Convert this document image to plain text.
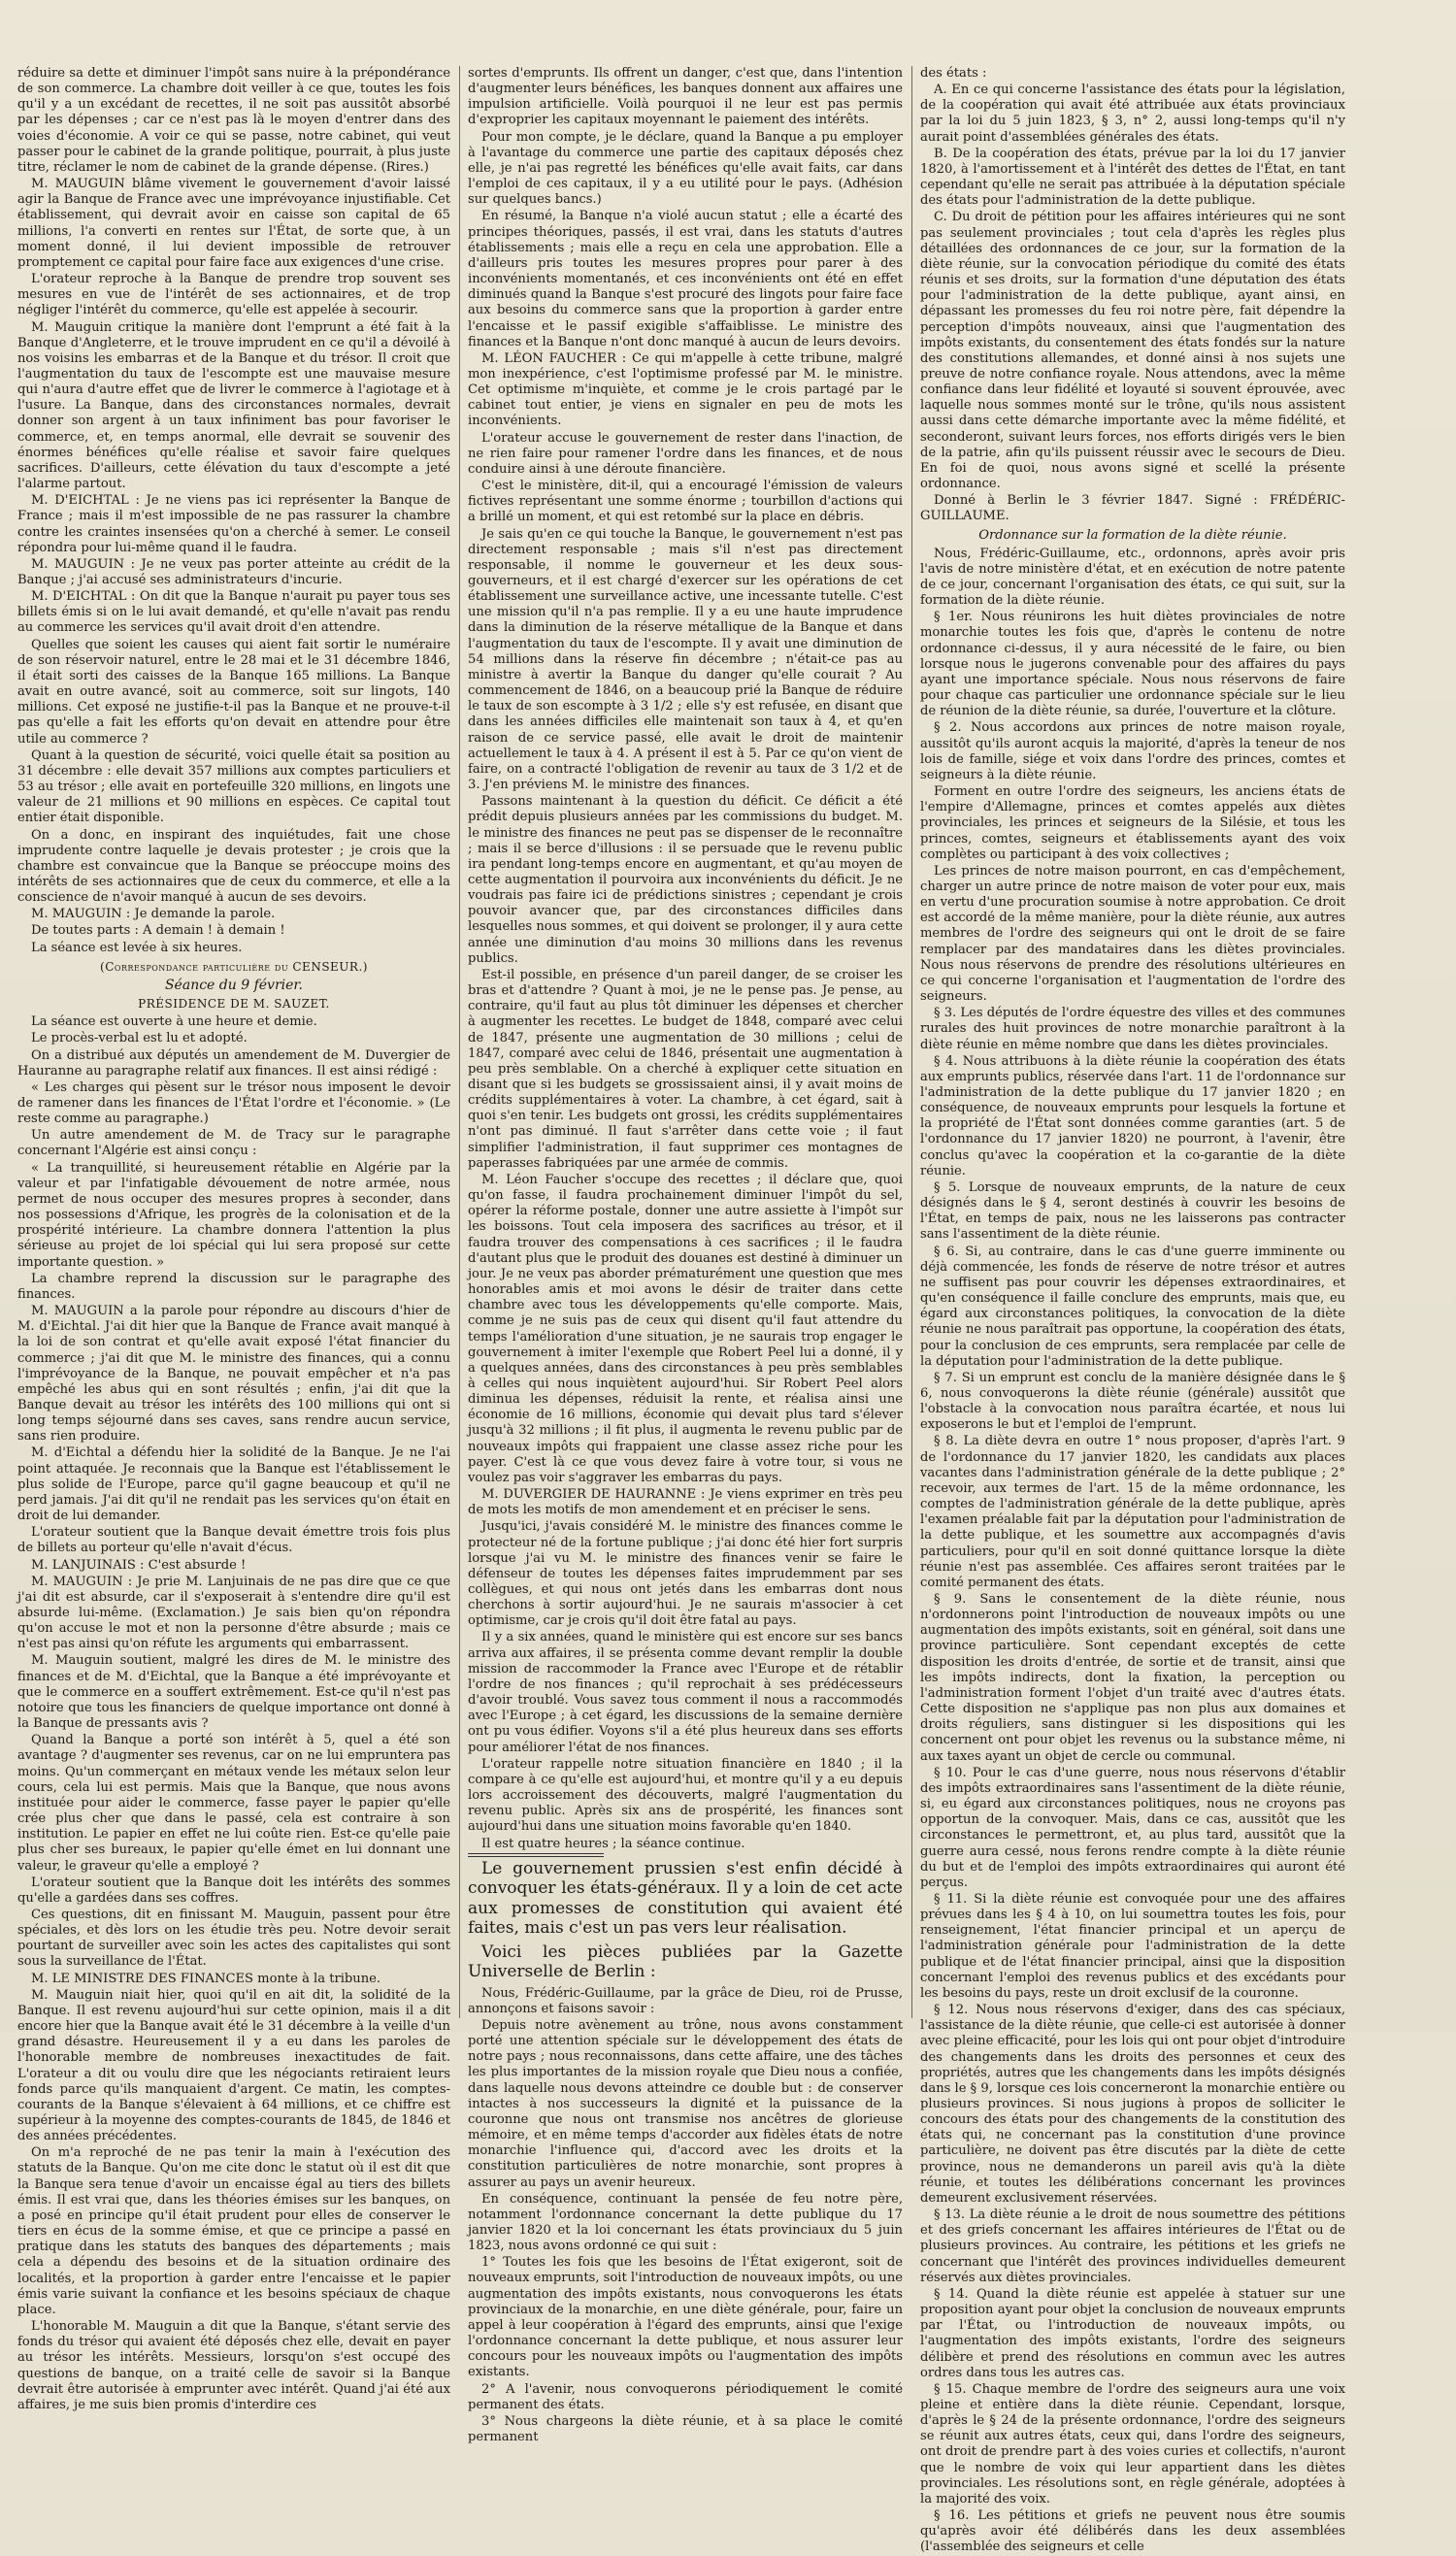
réduire sa dette et diminuer l'impôt sans nuire à la prépondérance de son commerce. La chambre doit veiller à ce que, toutes les fois qu'il y a un excédant de recettes, il ne soit pas aussitôt absorbé par les dépenses ; car ce n'est pas là le moyen d'entrer dans des voies d'économie. A voir ce qui se passe, notre cabinet, qui veut passer pour le cabinet de la grande politique, pourrait, à plus juste titre, réclamer le nom de cabinet de la grande dépense. (Rires.)

M. MAUGUIN blâme vivement le gouvernement d'avoir laissé agir la Banque de France avec une imprévoyance injustifiable. Cet établissement, qui devrait avoir en caisse son capital de 65 millions, l'a converti en rentes sur l'État, de sorte que, à un moment donné, il lui devient impossible de retrouver promptement ce capital pour faire face aux exigences d'une crise.

L'orateur reproche à la Banque de prendre trop souvent ses mesures en vue de l'intérêt de ses actionnaires, et de trop négliger l'intérêt du commerce, qu'elle est appelée à secourir.

M. Mauguin critique la manière dont l'emprunt a été fait à la Banque d'Angleterre, et le trouve imprudent en ce qu'il a dévoilé à nos voisins les embarras et de la Banque et du trésor. Il croit que l'augmentation du taux de l'escompte est une mauvaise mesure qui n'aura d'autre effet que de livrer le commerce à l'agiotage et à l'usure. La Banque, dans des circonstances normales, devrait donner son argent à un taux infiniment bas pour favoriser le commerce, et, en temps anormal, elle devrait se souvenir des énormes bénéfices qu'elle réalise et savoir faire quelques sacrifices. D'ailleurs, cette élévation du taux d'escompte a jeté l'alarme partout.

M. D'EICHTAL : Je ne viens pas ici représenter la Banque de France ; mais il m'est impossible de ne pas rassurer la chambre contre les craintes insensées qu'on a cherché à semer. Le conseil répondra pour lui-même quand il le faudra.

M. MAUGUIN : Je ne veux pas porter atteinte au crédit de la Banque ; j'ai accusé ses administrateurs d'incurie.

M. D'EICHTAL : On dit que la Banque n'aurait pu payer tous ses billets émis si on le lui avait demandé, et qu'elle n'avait pas rendu au commerce les services qu'il avait droit d'en attendre.

Quelles que soient les causes qui aient fait sortir le numéraire de son réservoir naturel, entre le 28 mai et le 31 décembre 1846, il était sorti des caisses de la Banque 165 millions. La Banque avait en outre avancé, soit au commerce, soit sur lingots, 140 millions. Cet exposé ne justifie-t-il pas la Banque et ne prouve-t-il pas qu'elle a fait les efforts qu'on devait en attendre pour être utile au commerce ?

Quant à la question de sécurité, voici quelle était sa position au 31 décembre : elle devait 357 millions aux comptes particuliers et 53 au trésor ; elle avait en portefeuille 320 millions, en lingots une valeur de 21 millions et 90 millions en espèces. Ce capital tout entier était disponible.

On a donc, en inspirant des inquiétudes, fait une chose imprudente contre laquelle je devais protester ; je crois que la chambre est convaincue que la Banque se préoccupe moins des intérêts de ses actionnaires que de ceux du commerce, et elle a la conscience de n'avoir manqué à aucun de ses devoirs.

M. MAUGUIN : Je demande la parole.

De toutes parts : A demain ! à demain !

La séance est levée à six heures.

(Correspondance particulière du CENSEUR.)

Séance du 9 février.

PRÉSIDENCE DE M. SAUZET.

La séance est ouverte à une heure et demie.

Le procès-verbal est lu et adopté.

On a distribué aux députés un amendement de M. Duvergier de Hauranne au paragraphe relatif aux finances. Il est ainsi rédigé :

« Les charges qui pèsent sur le trésor nous imposent le devoir de ramener dans les finances de l'État l'ordre et l'économie. » (Le reste comme au paragraphe.)

Un autre amendement de M. de Tracy sur le paragraphe concernant l'Algérie est ainsi conçu :

« La tranquillité, si heureusement rétablie en Algérie par la valeur et par l'infatigable dévouement de notre armée, nous permet de nous occuper des mesures propres à seconder, dans nos possessions d'Afrique, les progrès de la colonisation et de la prospérité intérieure. La chambre donnera l'attention la plus sérieuse au projet de loi spécial qui lui sera proposé sur cette importante question. »

La chambre reprend la discussion sur le paragraphe des finances.

M. MAUGUIN a la parole pour répondre au discours d'hier de M. d'Eichtal. J'ai dit hier que la Banque de France avait manqué à la loi de son contrat et qu'elle avait exposé l'état financier du commerce ; j'ai dit que M. le ministre des finances, qui a connu l'imprévoyance de la Banque, ne pouvait empêcher et n'a pas empêché les abus qui en sont résultés ; enfin, j'ai dit que la Banque devait au trésor les intérêts des 100 millions qui ont si long temps séjourné dans ses caves, sans rendre aucun service, sans rien produire.

M. d'Eichtal a défendu hier la solidité de la Banque. Je ne l'ai point attaquée. Je reconnais que la Banque est l'établissement le plus solide de l'Europe, parce qu'il gagne beaucoup et qu'il ne perd jamais. J'ai dit qu'il ne rendait pas les services qu'on était en droit de lui demander.

L'orateur soutient que la Banque devait émettre trois fois plus de billets au porteur qu'elle n'avait d'écus.

M. LANJUINAIS : C'est absurde !

M. MAUGUIN : Je prie M. Lanjuinais de ne pas dire que ce que j'ai dit est absurde, car il s'exposerait à s'entendre dire qu'il est absurde lui-même. (Exclamation.) Je sais bien qu'on répondra qu'on accuse le mot et non la personne d'être absurde ; mais ce n'est pas ainsi qu'on réfute les arguments qui embarrassent.

M. Mauguin soutient, malgré les dires de M. le ministre des finances et de M. d'Eichtal, que la Banque a été imprévoyante et que le commerce en a souffert extrêmement. Est-ce qu'il n'est pas notoire que tous les financiers de quelque importance ont donné à la Banque de pressants avis ?

Quand la Banque a porté son intérêt à 5, quel a été son avantage ? d'augmenter ses revenus, car on ne lui empruntera pas moins. Qu'un commerçant en métaux vende les métaux selon leur cours, cela lui est permis. Mais que la Banque, que nous avons instituée pour aider le commerce, fasse payer le papier qu'elle crée plus cher que dans le passé, cela est contraire à son institution. Le papier en effet ne lui coûte rien. Est-ce qu'elle paie plus cher ses bureaux, le papier qu'elle émet en lui donnant une valeur, le graveur qu'elle a employé ?

L'orateur soutient que la Banque doit les intérêts des sommes qu'elle a gardées dans ses coffres.

Ces questions, dit en finissant M. Mauguin, passent pour être spéciales, et dès lors on les étudie très peu. Notre devoir serait pourtant de surveiller avec soin les actes des capitalistes qui sont sous la surveillance de l'État.

M. LE MINISTRE DES FINANCES monte à la tribune.

M. Mauguin niait hier, quoi qu'il en ait dit, la solidité de la Banque. Il est revenu aujourd'hui sur cette opinion, mais il a dit encore hier que la Banque avait été le 31 décembre à la veille d'un grand désastre. Heureusement il y a eu dans les paroles de l'honorable membre de nombreuses inexactitudes de fait. L'orateur a dit ou voulu dire que les négociants retiraient leurs fonds parce qu'ils manquaient d'argent. Ce matin, les comptes-courants de la Banque s'élevaient à 64 millions, et ce chiffre est supérieur à la moyenne des comptes-courants de 1845, de 1846 et des années précédentes.

On m'a reproché de ne pas tenir la main à l'exécution des statuts de la Banque. Qu'on me cite donc le statut où il est dit que la Banque sera tenue d'avoir un encaisse égal au tiers des billets émis. Il est vrai que, dans les théories émises sur les banques, on a posé en principe qu'il était prudent pour elles de conserver le tiers en écus de la somme émise, et que ce principe a passé en pratique dans les statuts des banques des départements ; mais cela a dépendu des besoins et de la situation ordinaire des localités, et la proportion à garder entre l'encaisse et le papier émis varie suivant la confiance et les besoins spéciaux de chaque place.

L'honorable M. Mauguin a dit que la Banque, s'étant servie des fonds du trésor qui avaient été déposés chez elle, devait en payer au trésor les intérêts. Messieurs, lorsqu'on s'est occupé des questions de banque, on a traité celle de savoir si la Banque devrait être autorisée à emprunter avec intérêt. Quand j'ai été aux affaires, je me suis bien promis d'interdire ces

sortes d'emprunts. Ils offrent un danger, c'est que, dans l'intention d'augmenter leurs bénéfices, les banques donnent aux affaires une impulsion artificielle. Voilà pourquoi il ne leur est pas permis d'exproprier les capitaux moyennant le paiement des intérêts.

Pour mon compte, je le déclare, quand la Banque a pu employer à l'avantage du commerce une partie des capitaux déposés chez elle, je n'ai pas regretté les bénéfices qu'elle avait faits, car dans l'emploi de ces capitaux, il y a eu utilité pour le pays. (Adhésion sur quelques bancs.)

En résumé, la Banque n'a violé aucun statut ; elle a écarté des principes théoriques, passés, il est vrai, dans les statuts d'autres établissements ; mais elle a reçu en cela une approbation. Elle a d'ailleurs pris toutes les mesures propres pour parer à des inconvénients momentanés, et ces inconvénients ont été en effet diminués quand la Banque s'est procuré des lingots pour faire face aux besoins du commerce sans que la proportion à garder entre l'encaisse et le passif exigible s'affaiblisse. Le ministre des finances et la Banque n'ont donc manqué à aucun de leurs devoirs.

M. LÉON FAUCHER : Ce qui m'appelle à cette tribune, malgré mon inexpérience, c'est l'optimisme professé par M. le ministre. Cet optimisme m'inquiète, et comme je le crois partagé par le cabinet tout entier, je viens en signaler en peu de mots les inconvénients.

L'orateur accuse le gouvernement de rester dans l'inaction, de ne rien faire pour ramener l'ordre dans les finances, et de nous conduire ainsi à une déroute financière.

C'est le ministère, dit-il, qui a encouragé l'émission de valeurs fictives représentant une somme énorme ; tourbillon d'actions qui a brillé un moment, et qui est retombé sur la place en débris.

Je sais qu'en ce qui touche la Banque, le gouvernement n'est pas directement responsable ; mais s'il n'est pas directement responsable, il nomme le gouverneur et les deux sous-gouverneurs, et il est chargé d'exercer sur les opérations de cet établissement une surveillance active, une incessante tutelle. C'est une mission qu'il n'a pas remplie. Il y a eu une haute imprudence dans la diminution de la réserve métallique de la Banque et dans l'augmentation du taux de l'escompte. Il y avait une diminution de 54 millions dans la réserve fin décembre ; n'était-ce pas au ministre à avertir la Banque du danger qu'elle courait ? Au commencement de 1846, on a beaucoup prié la Banque de réduire le taux de son escompte à 3 1/2 ; elle s'y est refusée, en disant que dans les années difficiles elle maintenait son taux à 4, et qu'en raison de ce service passé, elle avait le droit de maintenir actuellement le taux à 4. A présent il est à 5. Par ce qu'on vient de faire, on a contracté l'obligation de revenir au taux de 3 1/2 et de 3. J'en préviens M. le ministre des finances.

Passons maintenant à la question du déficit. Ce déficit a été prédit depuis plusieurs années par les commissions du budget. M. le ministre des finances ne peut pas se dispenser de le reconnaître ; mais il se berce d'illusions : il se persuade que le revenu public ira pendant long-temps encore en augmentant, et qu'au moyen de cette augmentation il pourvoira aux inconvénients du déficit. Je ne voudrais pas faire ici de prédictions sinistres ; cependant je crois pouvoir avancer que, par des circonstances difficiles dans lesquelles nous sommes, et qui doivent se prolonger, il y aura cette année une diminution d'au moins 30 millions dans les revenus publics.

Est-il possible, en présence d'un pareil danger, de se croiser les bras et d'attendre ? Quant à moi, je ne le pense pas. Je pense, au contraire, qu'il faut au plus tôt diminuer les dépenses et chercher à augmenter les recettes. Le budget de 1848, comparé avec celui de 1847, présente une augmentation de 30 millions ; celui de 1847, comparé avec celui de 1846, présentait une augmentation à peu près semblable. On a cherché à expliquer cette situation en disant que si les budgets se grossissaient ainsi, il y avait moins de crédits supplémentaires à voter. La chambre, à cet égard, sait à quoi s'en tenir. Les budgets ont grossi, les crédits supplémentaires n'ont pas diminué. Il faut s'arrêter dans cette voie ; il faut simplifier l'administration, il faut supprimer ces montagnes de paperasses fabriquées par une armée de commis.

M. Léon Faucher s'occupe des recettes ; il déclare que, quoi qu'on fasse, il faudra prochainement diminuer l'impôt du sel, opérer la réforme postale, donner une autre assiette à l'impôt sur les boissons. Tout cela imposera des sacrifices au trésor, et il faudra trouver des compensations à ces sacrifices ; il le faudra d'autant plus que le produit des douanes est destiné à diminuer un jour. Je ne veux pas aborder prématurément une question que mes honorables amis et moi avons le désir de traiter dans cette chambre avec tous les développements qu'elle comporte. Mais, comme je ne suis pas de ceux qui disent qu'il faut attendre du temps l'amélioration d'une situation, je ne saurais trop engager le gouvernement à imiter l'exemple que Robert Peel lui a donné, il y a quelques années, dans des circonstances à peu près semblables à celles qui nous inquiètent aujourd'hui. Sir Robert Peel alors diminua les dépenses, réduisit la rente, et réalisa ainsi une économie de 16 millions, économie qui devait plus tard s'élever jusqu'à 32 millions ; il fit plus, il augmenta le revenu public par de nouveaux impôts qui frappaient une classe assez riche pour les payer. C'est là ce que vous devez faire à votre tour, si vous ne voulez pas voir s'aggraver les embarras du pays.

M. DUVERGIER DE HAURANNE : Je viens exprimer en très peu de mots les motifs de mon amendement et en préciser le sens.

Jusqu'ici, j'avais considéré M. le ministre des finances comme le protecteur né de la fortune publique ; j'ai donc été hier fort surpris lorsque j'ai vu M. le ministre des finances venir se faire le défenseur de toutes les dépenses faites imprudemment par ses collègues, et qui nous ont jetés dans les embarras dont nous cherchons à sortir aujourd'hui. Je ne saurais m'associer à cet optimisme, car je crois qu'il doit être fatal au pays.

Il y a six années, quand le ministère qui est encore sur ses bancs arriva aux affaires, il se présenta comme devant remplir la double mission de raccommoder la France avec l'Europe et de rétablir l'ordre de nos finances ; qu'il reprochait à ses prédécesseurs d'avoir troublé. Vous savez tous comment il nous a raccommodés avec l'Europe ; à cet égard, les discussions de la semaine dernière ont pu vous édifier. Voyons s'il a été plus heureux dans ses efforts pour améliorer l'état de nos finances.

L'orateur rappelle notre situation financière en 1840 ; il la compare à ce qu'elle est aujourd'hui, et montre qu'il y a eu depuis lors accroissement des découverts, malgré l'augmentation du revenu public. Après six ans de prospérité, les finances sont aujourd'hui dans une situation moins favorable qu'en 1840.

Il est quatre heures ; la séance continue.

Le gouvernement prussien s'est enfin décidé à convoquer les états-généraux. Il y a loin de cet acte aux promesses de constitution qui avaient été faites, mais c'est un pas vers leur réalisation.

Voici les pièces publiées par la Gazette Universelle de Berlin :

Nous, Frédéric-Guillaume, par la grâce de Dieu, roi de Prusse, annonçons et faisons savoir :

Depuis notre avènement au trône, nous avons constamment porté une attention spéciale sur le développement des états de notre pays ; nous reconnaissons, dans cette affaire, une des tâches les plus importantes de la mission royale que Dieu nous a confiée, dans laquelle nous devons atteindre ce double but : de conserver intactes à nos successeurs la dignité et la puissance de la couronne que nous ont transmise nos ancêtres de glorieuse mémoire, et en même temps d'accorder aux fidèles états de notre monarchie l'influence qui, d'accord avec les droits et la constitution particulières de notre monarchie, sont propres à assurer au pays un avenir heureux.

En conséquence, continuant la pensée de feu notre père, notamment l'ordonnance concernant la dette publique du 17 janvier 1820 et la loi concernant les états provinciaux du 5 juin 1823, nous avons ordonné ce qui suit :

1° Toutes les fois que les besoins de l'État exigeront, soit de nouveaux emprunts, soit l'introduction de nouveaux impôts, ou une augmentation des impôts existants, nous convoquerons les états provinciaux de la monarchie, en une diète générale, pour, faire un appel à leur coopération à l'égard des emprunts, ainsi que l'exige l'ordonnance concernant la dette publique, et nous assurer leur concours pour les nouveaux impôts ou l'augmentation des impôts existants.

2° A l'avenir, nous convoquerons périodiquement le comité permanent des états.

3° Nous chargeons la diète réunie, et à sa place le comité permanent

des états :

A. En ce qui concerne l'assistance des états pour la législation, de la coopération qui avait été attribuée aux états provinciaux par la loi du 5 juin 1823, § 3, n° 2, aussi long-temps qu'il n'y aurait point d'assemblées générales des états.

B. De la coopération des états, prévue par la loi du 17 janvier 1820, à l'amortissement et à l'intérêt des dettes de l'État, en tant cependant qu'elle ne serait pas attribuée à la députation spéciale des états pour l'administration de la dette publique.

C. Du droit de pétition pour les affaires intérieures qui ne sont pas seulement provinciales ; tout cela d'après les règles plus détaillées des ordonnances de ce jour, sur la formation de la diète réunie, sur la convocation périodique du comité des états réunis et ses droits, sur la formation d'une députation des états pour l'administration de la dette publique, ayant ainsi, en dépassant les promesses du feu roi notre père, fait dépendre la perception d'impôts nouveaux, ainsi que l'augmentation des impôts existants, du consentement des états fondés sur la nature des constitutions allemandes, et donné ainsi à nos sujets une preuve de notre confiance royale. Nous attendons, avec la même confiance dans leur fidélité et loyauté si souvent éprouvée, avec laquelle nous sommes monté sur le trône, qu'ils nous assistent aussi dans cette démarche importante avec la même fidélité, et seconderont, suivant leurs forces, nos efforts dirigés vers le bien de la patrie, afin qu'ils puissent réussir avec le secours de Dieu. En foi de quoi, nous avons signé et scellé la présente ordonnance.

Donné à Berlin le 3 février 1847. Signé : FRÉDÉRIC-GUILLAUME.

Ordonnance sur la formation de la diète réunie.

Nous, Frédéric-Guillaume, etc., ordonnons, après avoir pris l'avis de notre ministère d'état, et en exécution de notre patente de ce jour, concernant l'organisation des états, ce qui suit, sur la formation de la diète réunie.

§ 1er. Nous réunirons les huit diètes provinciales de notre monarchie toutes les fois que, d'après le contenu de notre ordonnance ci-dessus, il y aura nécessité de le faire, ou bien lorsque nous le jugerons convenable pour des affaires du pays ayant une importance spéciale. Nous nous réservons de faire pour chaque cas particulier une ordonnance spéciale sur le lieu de réunion de la diète réunie, sa durée, l'ouverture et la clôture.

§ 2. Nous accordons aux princes de notre maison royale, aussitôt qu'ils auront acquis la majorité, d'après la teneur de nos lois de famille, siége et voix dans l'ordre des princes, comtes et seigneurs à la diète réunie.

Forment en outre l'ordre des seigneurs, les anciens états de l'empire d'Allemagne, princes et comtes appelés aux diètes provinciales, les princes et seigneurs de la Silésie, et tous les princes, comtes, seigneurs et établissements ayant des voix complètes ou participant à des voix collectives ;

Les princes de notre maison pourront, en cas d'empêchement, charger un autre prince de notre maison de voter pour eux, mais en vertu d'une procuration soumise à notre approbation. Ce droit est accordé de la même manière, pour la diète réunie, aux autres membres de l'ordre des seigneurs qui ont le droit de se faire remplacer par des mandataires dans les diètes provinciales. Nous nous réservons de prendre des résolutions ultérieures en ce qui concerne l'organisation et l'augmentation de l'ordre des seigneurs.

§ 3. Les députés de l'ordre équestre des villes et des communes rurales des huit provinces de notre monarchie paraîtront à la diète réunie en même nombre que dans les diètes provinciales.

§ 4. Nous attribuons à la diète réunie la coopération des états aux emprunts publics, réservée dans l'art. 11 de l'ordonnance sur l'administration de la dette publique du 17 janvier 1820 ; en conséquence, de nouveaux emprunts pour lesquels la fortune et la propriété de l'État sont données comme garanties (art. 5 de l'ordonnance du 17 janvier 1820) ne pourront, à l'avenir, être conclus qu'avec la coopération et la co-garantie de la diète réunie.

§ 5. Lorsque de nouveaux emprunts, de la nature de ceux désignés dans le § 4, seront destinés à couvrir les besoins de l'État, en temps de paix, nous ne les laisserons pas contracter sans l'assentiment de la diète réunie.

§ 6. Si, au contraire, dans le cas d'une guerre imminente ou déjà commencée, les fonds de réserve de notre trésor et autres ne suffisent pas pour couvrir les dépenses extraordinaires, et qu'en conséquence il faille conclure des emprunts, mais que, eu égard aux circonstances politiques, la convocation de la diète réunie ne nous paraîtrait pas opportune, la coopération des états, pour la conclusion de ces emprunts, sera remplacée par celle de la députation pour l'administration de la dette publique.

§ 7. Si un emprunt est conclu de la manière désignée dans le § 6, nous convoquerons la diète réunie (générale) aussitôt que l'obstacle à la convocation nous paraîtra écartée, et nous lui exposerons le but et l'emploi de l'emprunt.

§ 8. La diète devra en outre 1° nous proposer, d'après l'art. 9 de l'ordonnance du 17 janvier 1820, les candidats aux places vacantes dans l'administration générale de la dette publique ; 2° recevoir, aux termes de l'art. 15 de la même ordonnance, les comptes de l'administration générale de la dette publique, après l'examen préalable fait par la députation pour l'administration de la dette publique, et les soumettre aux accompagnés d'avis particuliers, pour qu'il en soit donné quittance lorsque la diète réunie n'est pas assemblée. Ces affaires seront traitées par le comité permanent des états.

§ 9. Sans le consentement de la diète réunie, nous n'ordonnerons point l'introduction de nouveaux impôts ou une augmentation des impôts existants, soit en général, soit dans une province particulière. Sont cependant exceptés de cette disposition les droits d'entrée, de sortie et de transit, ainsi que les impôts indirects, dont la fixation, la perception ou l'administration forment l'objet d'un traité avec d'autres états. Cette disposition ne s'applique pas non plus aux domaines et droits réguliers, sans distinguer si les dispositions qui les concernent ont pour objet les revenus ou la substance même, ni aux taxes ayant un objet de cercle ou communal.

§ 10. Pour le cas d'une guerre, nous nous réservons d'établir des impôts extraordinaires sans l'assentiment de la diète réunie, si, eu égard aux circonstances politiques, nous ne croyons pas opportun de la convoquer. Mais, dans ce cas, aussitôt que les circonstances le permettront, et, au plus tard, aussitôt que la guerre aura cessé, nous ferons rendre compte à la diète réunie du but et de l'emploi des impôts extraordinaires qui auront été perçus.

§ 11. Si la diète réunie est convoquée pour une des affaires prévues dans les § 4 à 10, on lui soumettra toutes les fois, pour renseignement, l'état financier principal et un aperçu de l'administration générale pour l'administration de la dette publique et de l'état financier principal, ainsi que la disposition concernant l'emploi des revenus publics et des excédants pour les besoins du pays, reste un droit exclusif de la couronne.

§ 12. Nous nous réservons d'exiger, dans des cas spéciaux, l'assistance de la diète réunie, que celle-ci est autorisée à donner avec pleine efficacité, pour les lois qui ont pour objet d'introduire des changements dans les droits des personnes et ceux des propriétés, autres que les changements dans les impôts désignés dans le § 9, lorsque ces lois concerneront la monarchie entière ou plusieurs provinces. Si nous jugions à propos de solliciter le concours des états pour des changements de la constitution des états qui, ne concernant pas la constitution d'une province particulière, ne doivent pas être discutés par la diète de cette province, nous ne demanderons un pareil avis qu'à la diète réunie, et toutes les délibérations concernant les provinces demeurent exclusivement réservées.

§ 13. La diète réunie a le droit de nous soumettre des pétitions et des griefs concernant les affaires intérieures de l'État ou de plusieurs provinces. Au contraire, les pétitions et les griefs ne concernant que l'intérêt des provinces individuelles demeurent réservés aux diètes provinciales.

§ 14. Quand la diète réunie est appelée à statuer sur une proposition ayant pour objet la conclusion de nouveaux emprunts par l'État, ou l'introduction de nouveaux impôts, ou l'augmentation des impôts existants, l'ordre des seigneurs délibère et prend des résolutions en commun avec les autres ordres dans tous les autres cas.

§ 15. Chaque membre de l'ordre des seigneurs aura une voix pleine et entière dans la diète réunie. Cependant, lorsque, d'après le § 24 de la présente ordonnance, l'ordre des seigneurs se réunit aux autres états, ceux qui, dans l'ordre des seigneurs, ont droit de prendre part à des voies curies et collectifs, n'auront que le nombre de voix qui leur appartient dans les diètes provinciales. Les résolutions sont, en règle générale, adoptées à la majorité des voix.

§ 16. Les pétitions et griefs ne peuvent nous être soumis qu'après avoir été délibérés dans les deux assemblées (l'assemblée des seigneurs et celle
